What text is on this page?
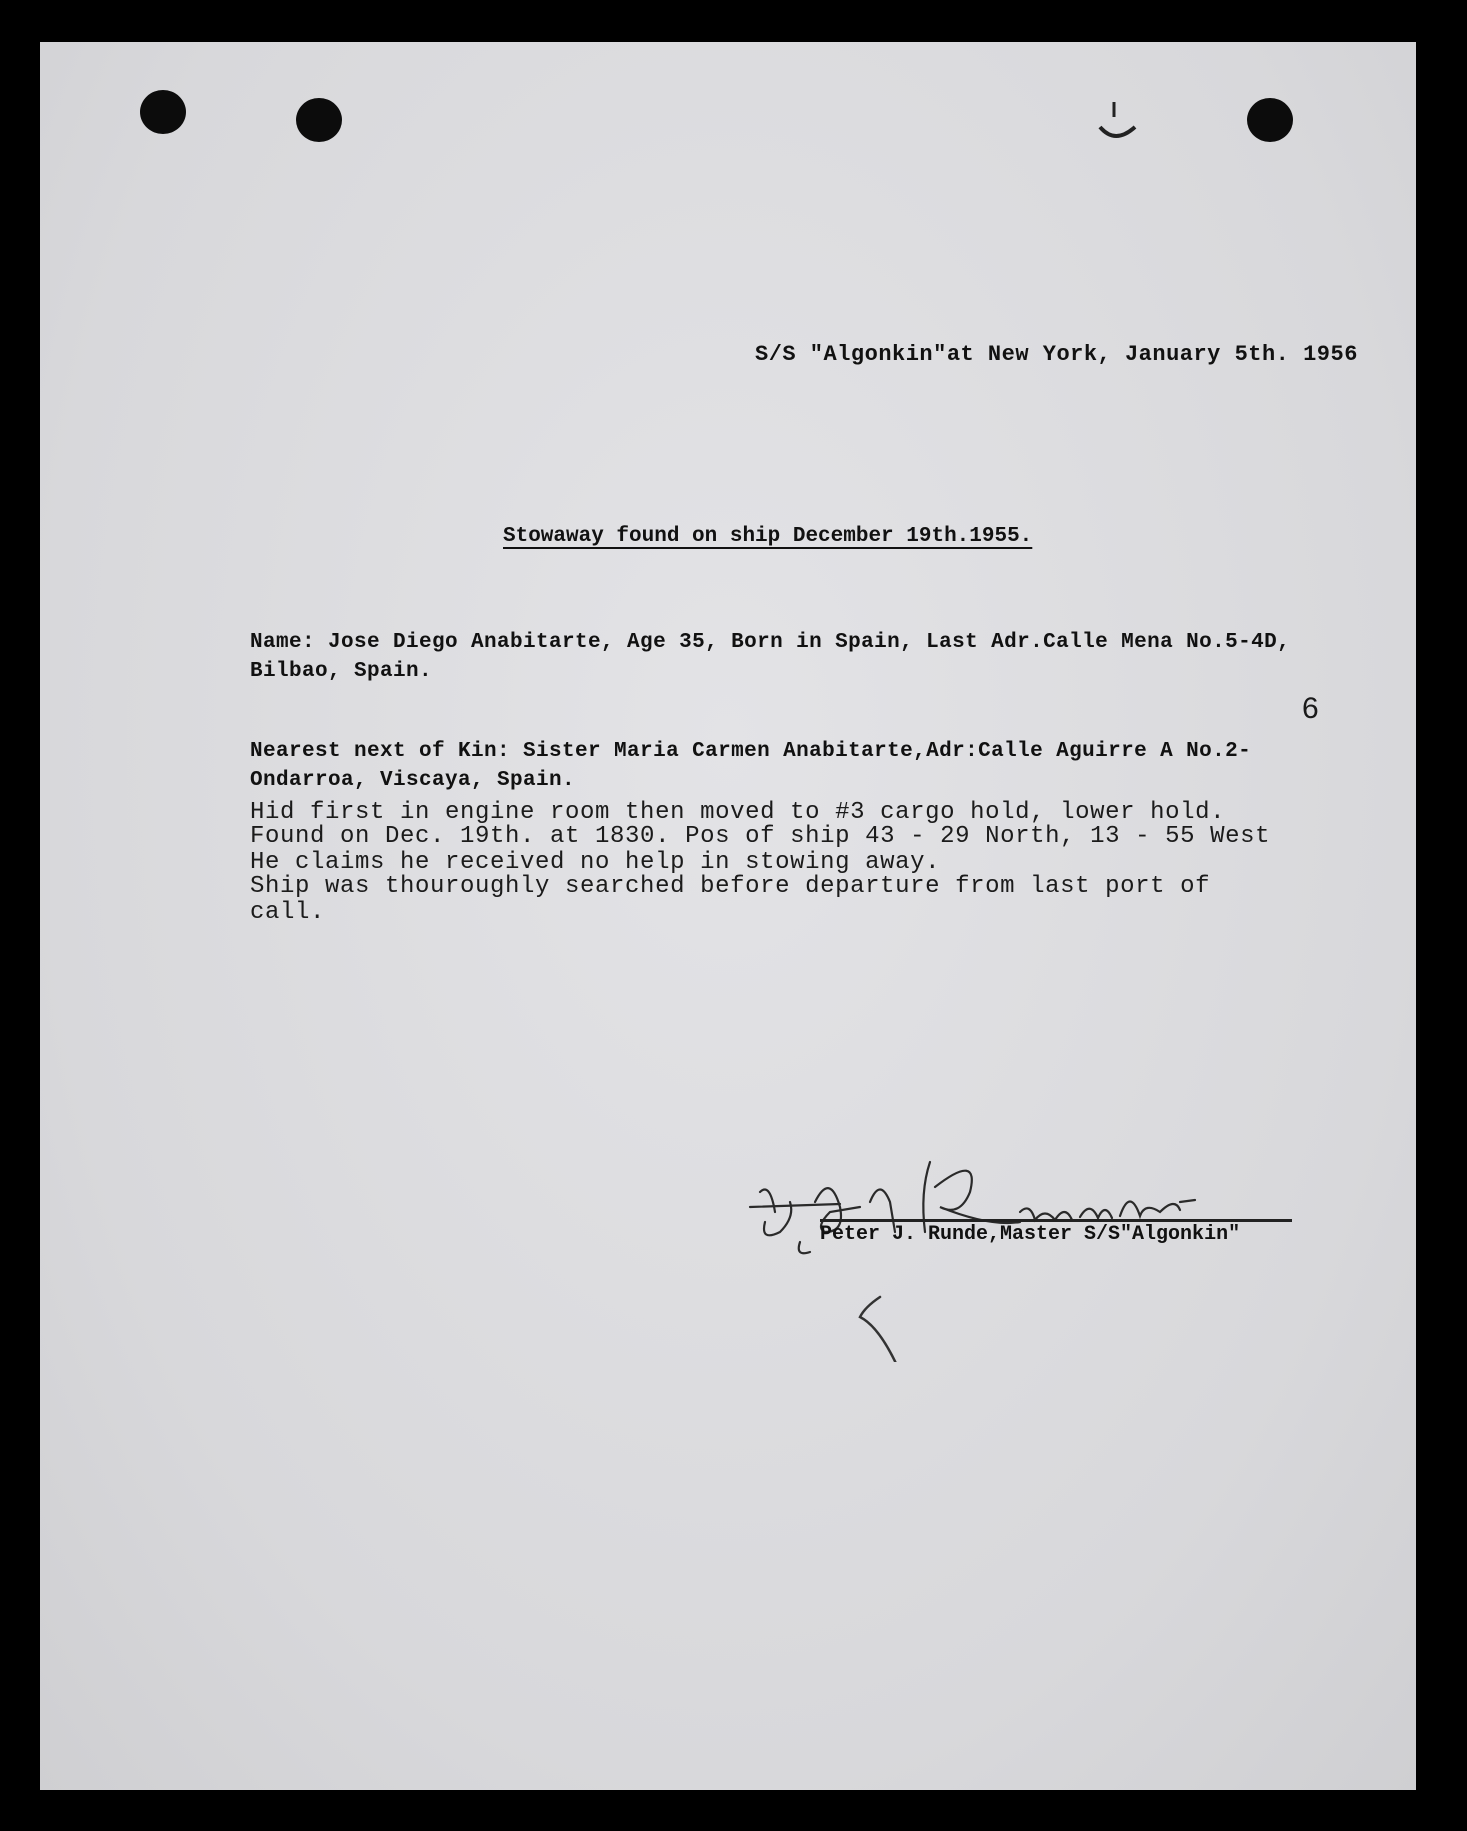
S/S "Algonkin"at New York, January 5th. 1956
Stowaway found on ship December 19th.1955.
Name: Jose Diego Anabitarte, Age 35, Born in Spain, Last Adr.Calle Mena No.5-4D,
Bilbao, Spain.
6
Nearest next of Kin: Sister Maria Carmen Anabitarte,Adr:Calle Aguirre A No.2-
Ondarroa, Viscaya, Spain.
Hid first in engine room then moved to #3 cargo hold, lower hold.
Found on Dec. 19th. at 1830. Pos of ship 43 - 29 North, 13 - 55 West
He claims he received no help in stowing away.
Ship was thouroughly searched before departure from last port of
call.
Peter J. Runde,Master S/S"Algonkin"
